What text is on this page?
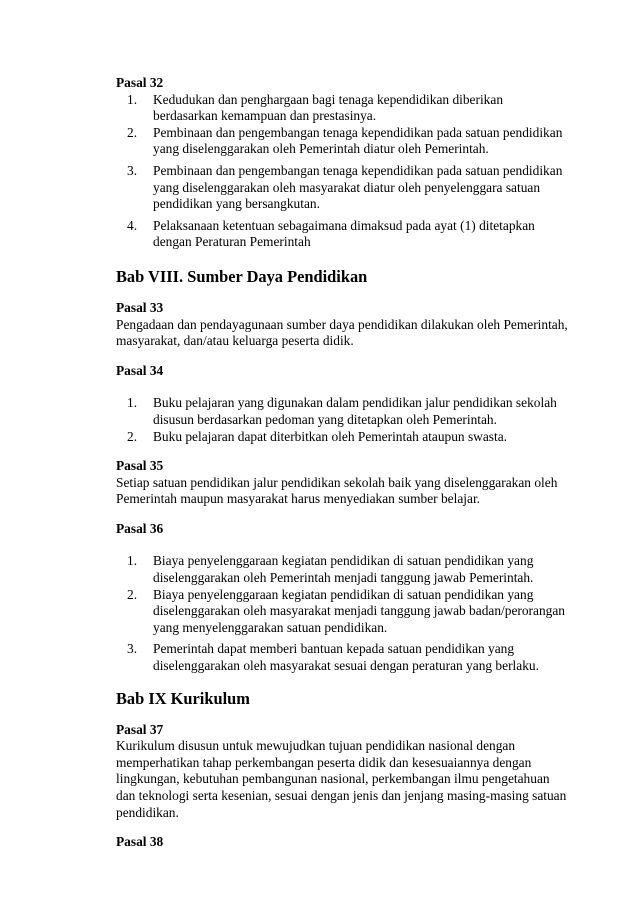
Pasal 32

1. Kedudukan dan penghargaan bagi tenaga kependidikan diberikan berdasarkan kemampuan dan prestasinya.
2. Pembinaan dan pengembangan tenaga kependidikan pada satuan pendidikan yang diselenggarakan oleh Pemerintah diatur oleh Pemerintah.
3. Pembinaan dan pengembangan tenaga kependidikan pada satuan pendidikan yang diselenggarakan oleh masyarakat diatur oleh penyelenggara satuan pendidikan yang bersangkutan.
4. Pelaksanaan ketentuan sebagaimana dimaksud pada ayat (1) ditetapkan dengan Peraturan Pemerintah
Bab VIII. Sumber Daya Pendidikan

Pasal 33

Pengadaan dan pendayagunaan sumber daya pendidikan dilakukan oleh Pemerintah, masyarakat, dan/atau keluarga peserta didik.

Pasal 34

1. Buku pelajaran yang digunakan dalam pendidikan jalur pendidikan sekolah disusun berdasarkan pedoman yang ditetapkan oleh Pemerintah.
2. Buku pelajaran dapat diterbitkan oleh Pemerintah ataupun swasta.

Pasal 35

Setiap satuan pendidikan jalur pendidikan sekolah baik yang diselenggarakan oleh Pemerintah maupun masyarakat harus menyediakan sumber belajar.

Pasal 36

1. Biaya penyelenggaraan kegiatan pendidikan di satuan pendidikan yang diselenggarakan oleh Pemerintah menjadi tanggung jawab Pemerintah.
2. Biaya penyelenggaraan kegiatan pendidikan di satuan pendidikan yang diselenggarakan oleh masyarakat menjadi tanggung jawab badan/perorangan yang menyelenggarakan satuan pendidikan.
3. Pemerintah dapat memberi bantuan kepada satuan pendidikan yang diselenggarakan oleh masyarakat sesuai dengan peraturan yang berlaku.
Bab IX Kurikulum

Pasal 37

Kurikulum disusun untuk mewujudkan tujuan pendidikan nasional dengan memperhatikan tahap perkembangan peserta didik dan kesesuaiannya dengan lingkungan, kebutuhan pembangunan nasional, perkembangan ilmu pengetahuan dan teknologi serta kesenian, sesuai dengan jenis dan jenjang masing-masing satuan pendidikan.

Pasal 38
